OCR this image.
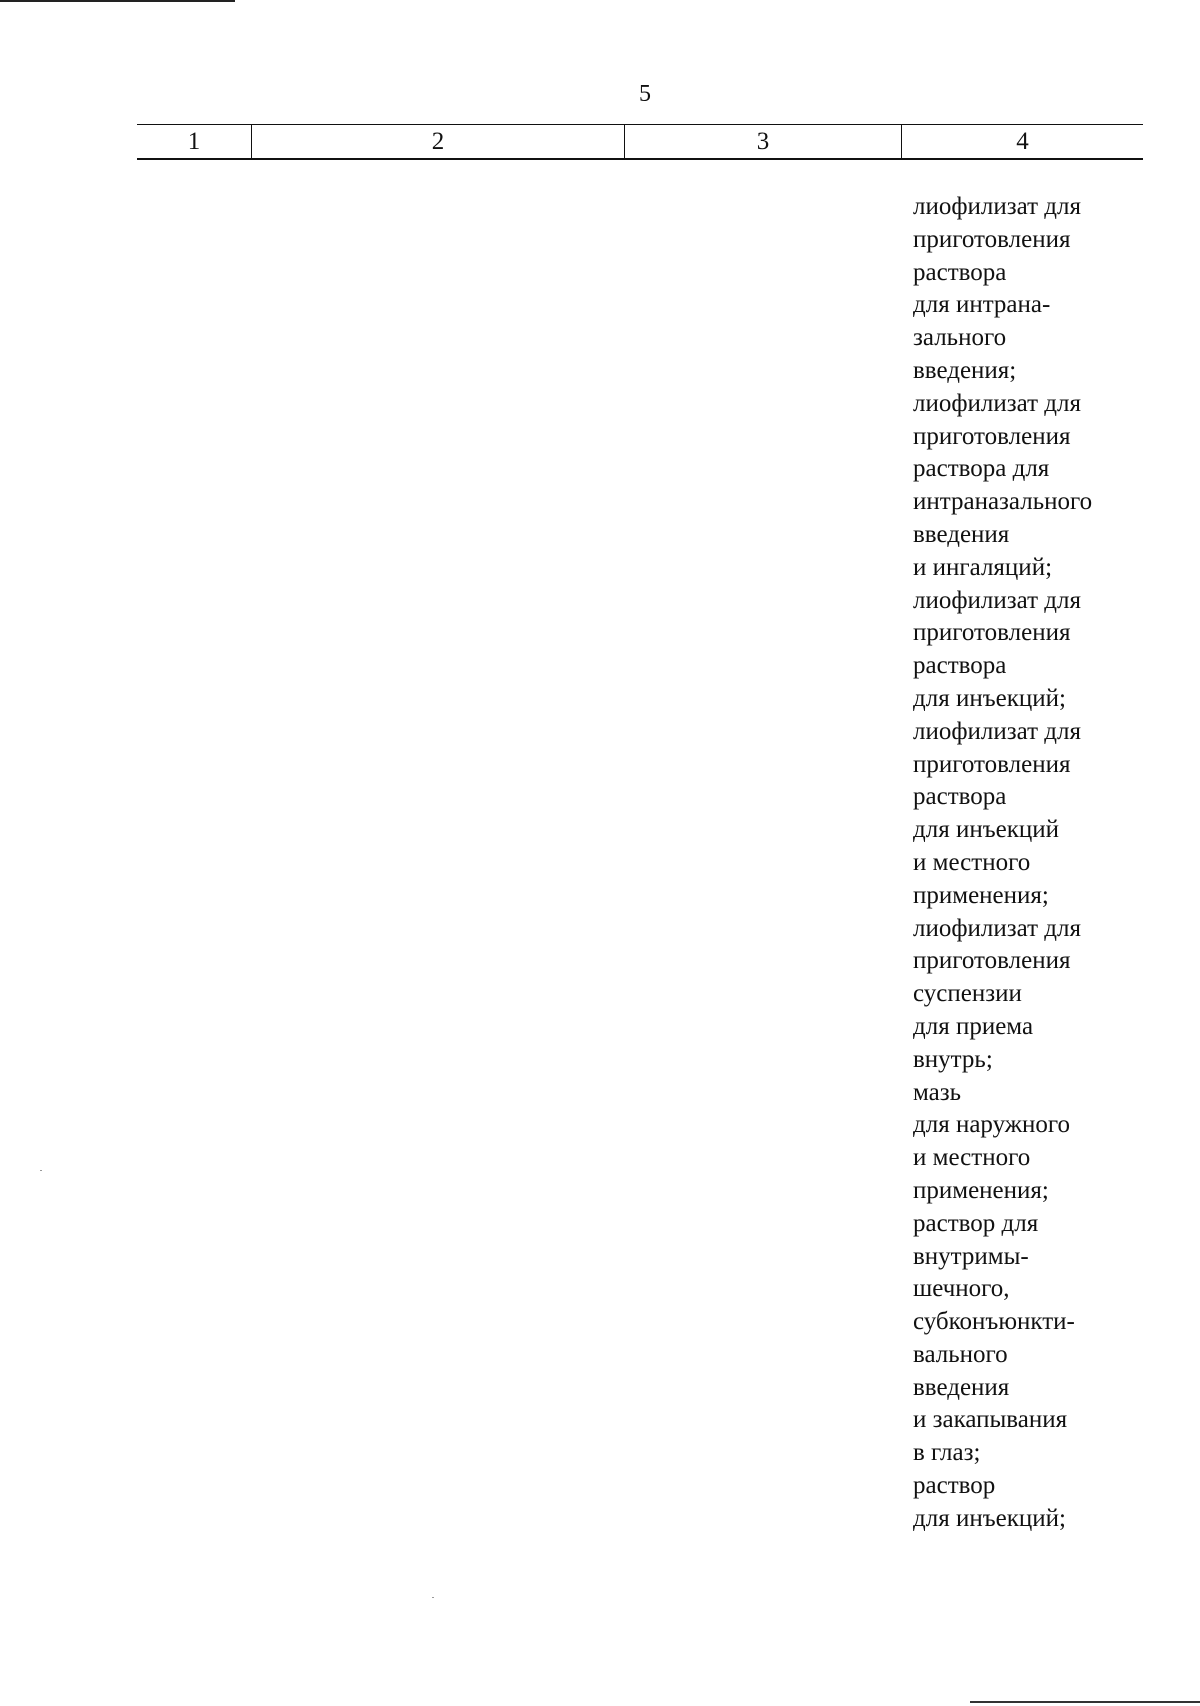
5
1	2	3	4
лиофилизат для
приготовления
раствора
для интрана-
зального
введения;
лиофилизат для
приготовления
раствора для
интраназального
введения
и ингаляций;
лиофилизат для
приготовления
раствора
для инъекций;
лиофилизат для
приготовления
раствора
для инъекций
и местного
применения;
лиофилизат для
приготовления
суспензии
для приема
внутрь;
мазь
для наружного
и местного
применения;
раствор для
внутримы-
шечного,
субконъюнкти-
вального
введения
и закапывания
в глаз;
раствор
для инъекций;
